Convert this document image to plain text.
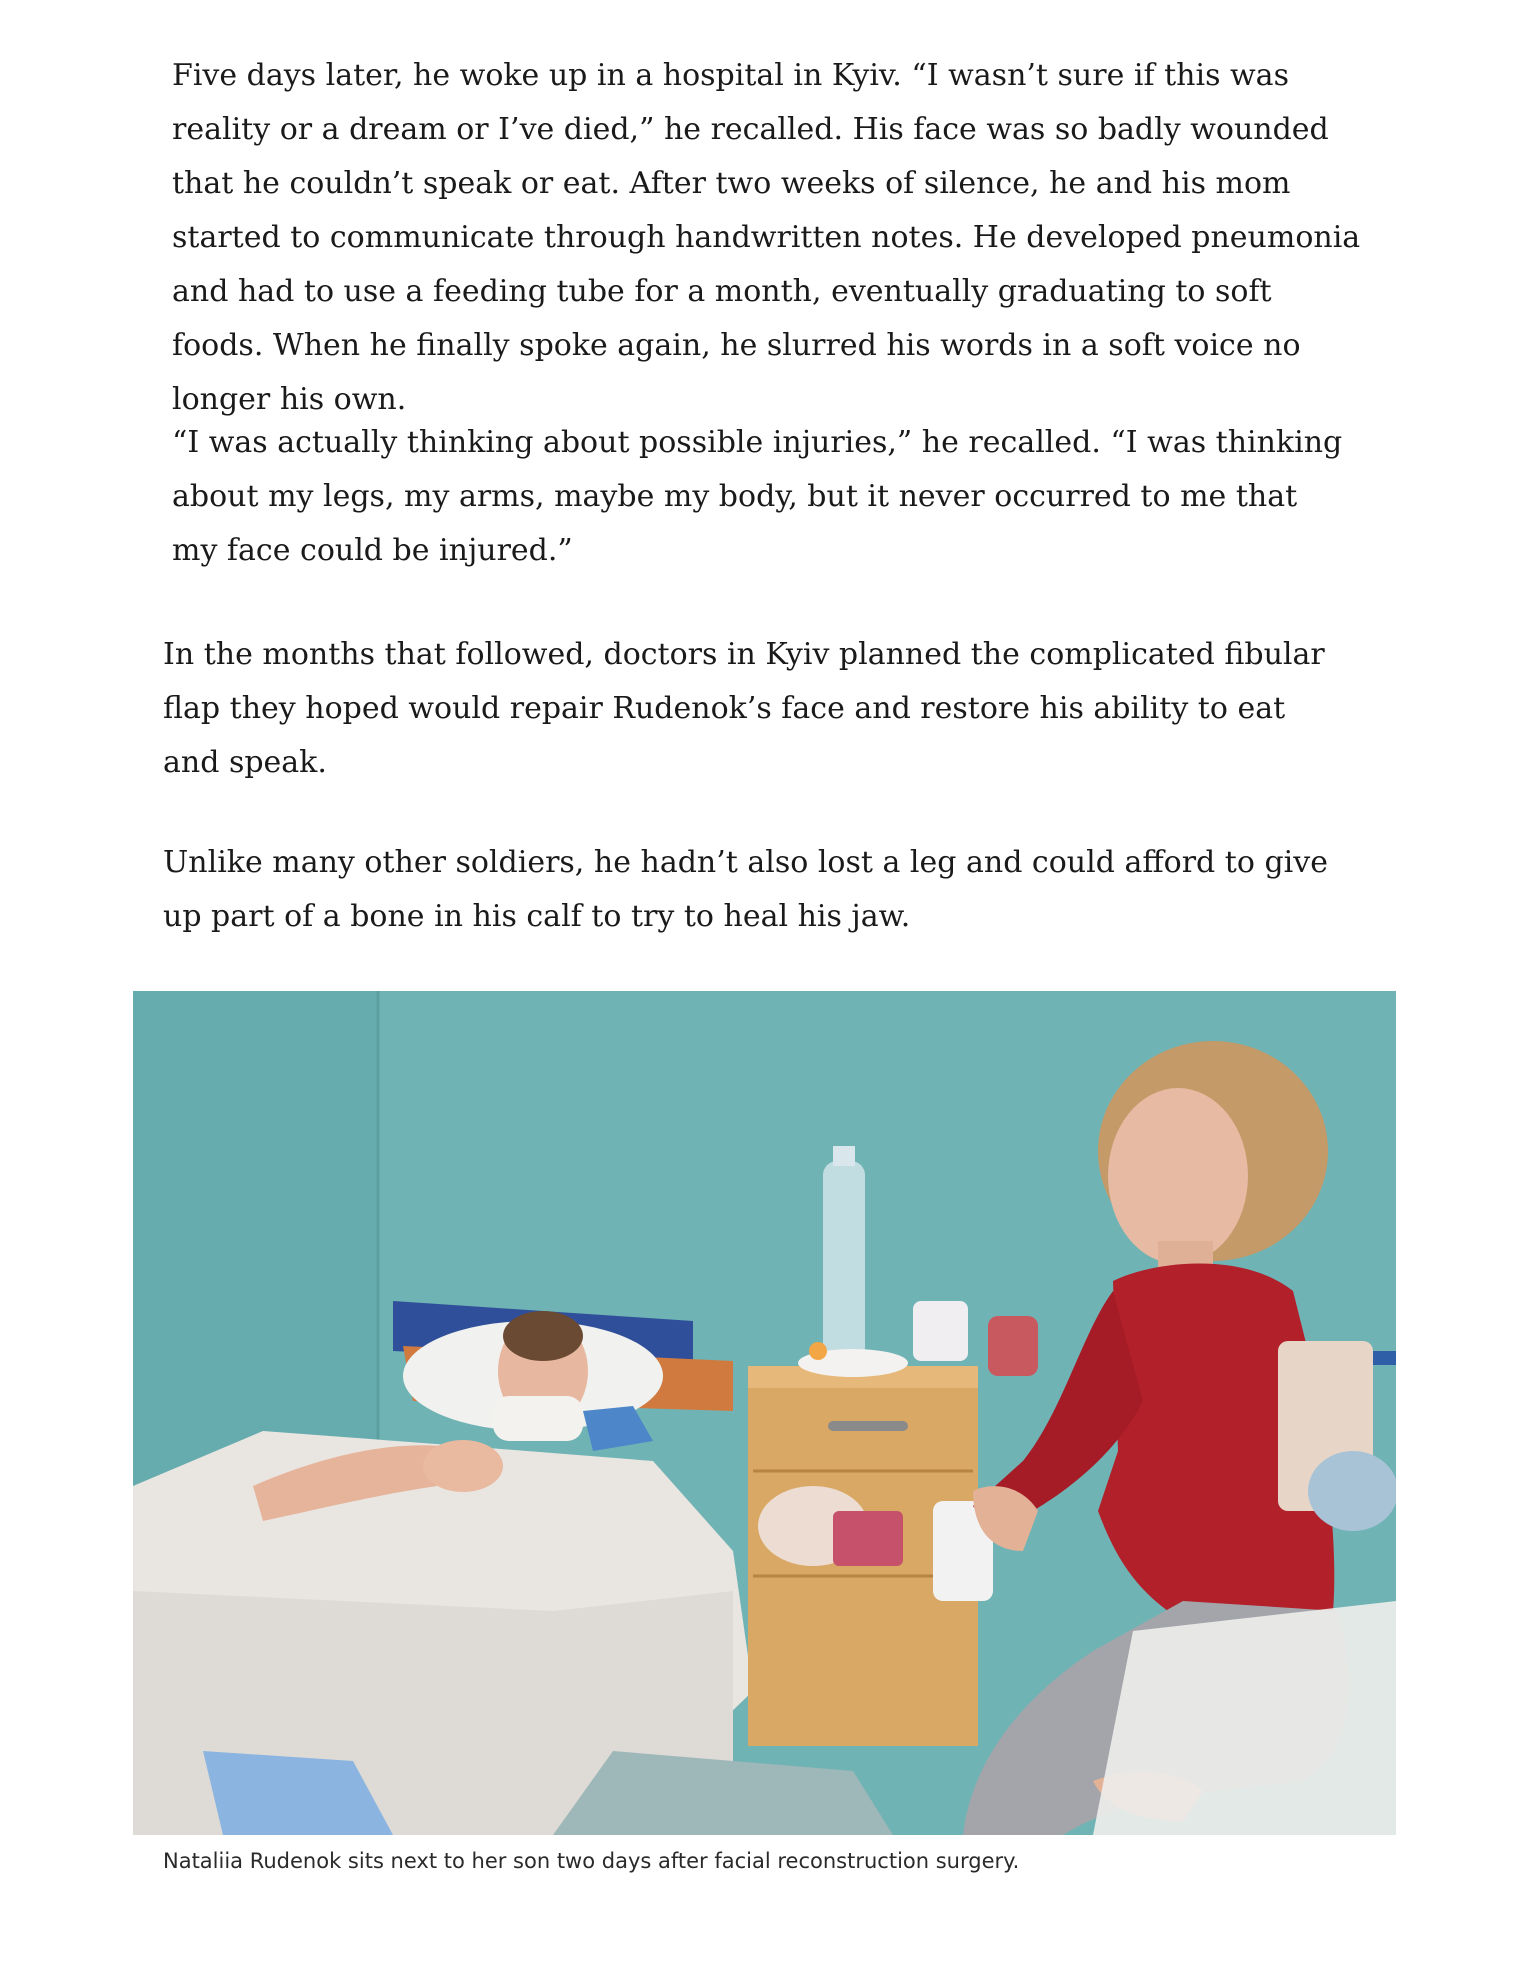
Five days later, he woke up in a hospital in Kyiv. “I wasn’t sure if this was reality or a dream or I’ve died,” he recalled. His face was so badly wounded that he couldn’t speak or eat. After two weeks of silence, he and his mom started to communicate through handwritten notes. He developed pneumonia and had to use a feeding tube for a month, eventually graduating to soft foods. When he finally spoke again, he slurred his words in a soft voice no longer his own.

“I was actually thinking about possible injuries,” he recalled. “I was thinking about my legs, my arms, maybe my body, but it never occurred to me that my face could be injured.”

In the months that followed, doctors in Kyiv planned the complicated fibular flap they hoped would repair Rudenok’s face and restore his ability to eat and speak.

Unlike many other soldiers, he hadn’t also lost a leg and could afford to give up part of a bone in his calf to try to heal his jaw.

Nataliia Rudenok sits next to her son two days after facial reconstruction surgery.
